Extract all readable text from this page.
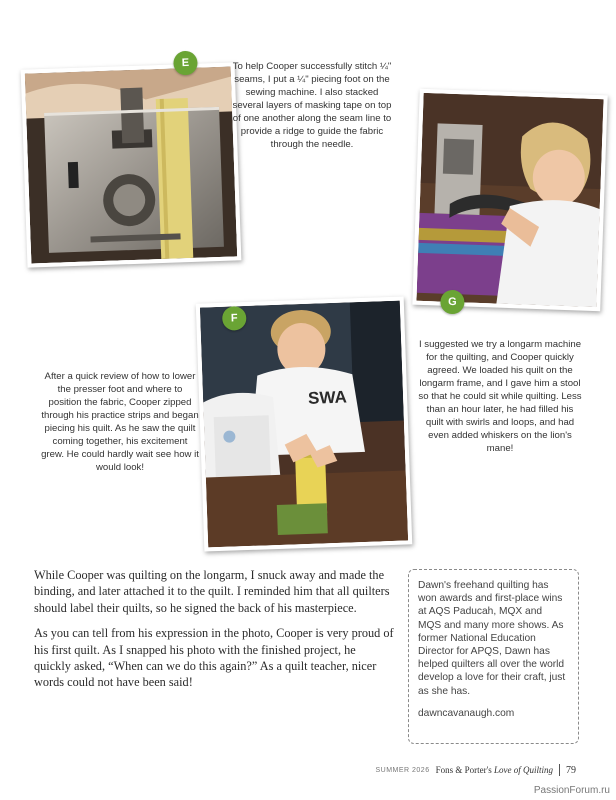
E	To help Cooper successfully stitch ¼" seams, I put a ¼" piecing foot on the sewing machine. I also stacked several layers of masking tape on top of one another along the seam line to provide a ridge to guide the fabric through the needle.
G
I suggested we try a longarm machine for the quilting, and Cooper quickly agreed. We loaded his quilt on the longarm frame, and I gave him a stool so that he could sit while quilting. Less than an hour later, he had filled his quilt with swirls and loops, and had even added whiskers on the lion's mane!
SWA
F
After a quick review of how to lower the presser foot and where to position the fabric, Cooper zipped through his practice strips and began piecing his quilt. As he saw the quilt coming together, his excitement grew. He could hardly wait see how it would look!

While Cooper was quilting on the longarm, I snuck away and made the binding, and later attached it to the quilt. I reminded him that all quilters should label their quilts, so he signed the back of his masterpiece.

As you can tell from his expression in the photo, Cooper is very proud of his first quilt. As I snapped his photo with the finished project, he quickly asked, “When can we do this again?” As a quilt teacher, nicer words could not have been said!

Dawn's freehand quilting has won awards and first-place wins at AQS Paducah, MQX and MQS and many more shows. As former National Education Director for APQS, Dawn has helped quilters all over the world develop a love for their craft, just as she has.
dawncavanaugh.com
SUMMER 2026 Fons & Porter's Love of Quilting 79
PassionForum.ru
